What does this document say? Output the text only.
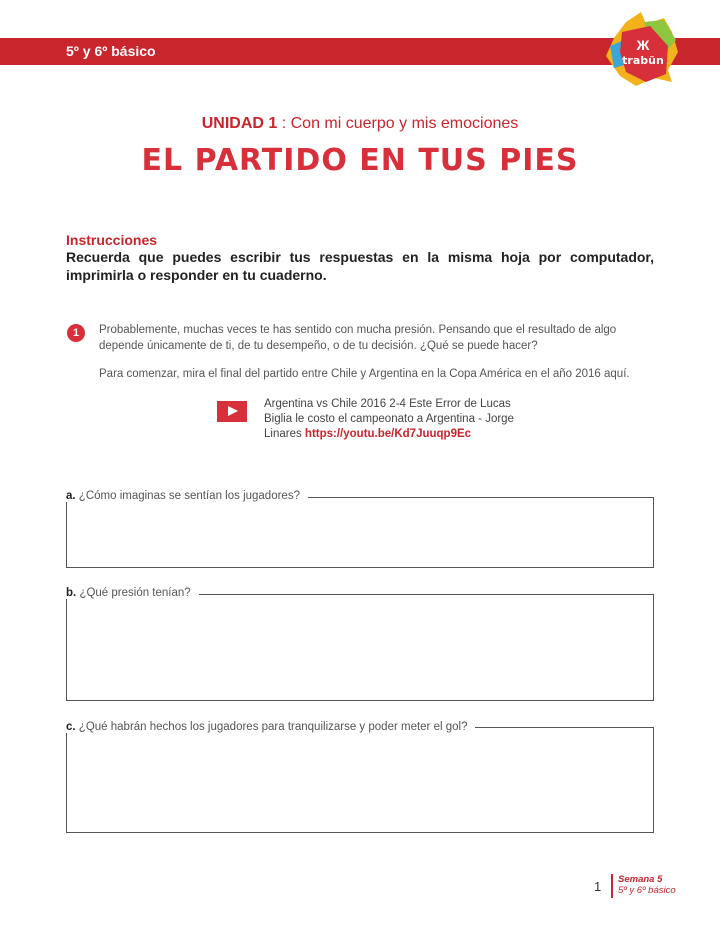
5º y 6º básico
trabün
Ж
UNIDAD 1 : Con mi cuerpo y mis emociones
EL PARTIDO EN TUS PIES
Instrucciones
Recuerda que puedes escribir tus respuestas en la misma hoja por computador, imprimirla o responder en tu cuaderno.
1	Probablemente, muchas veces te has sentido con mucha presión. Pensando que el resultado de algo depende únicamente de ti, de tu desempeño, o de tu decisión. ¿Qué se puede hacer?
Para comenzar, mira el final del partido entre Chile y Argentina en la Copa América en el año 2016 aquí.
Argentina vs Chile 2016 2-4 Este Error de Lucas Biglia le costo el campeonato a Argentina - Jorge Linares https://youtu.be/Kd7Juuqp9Ec
a. ¿Cómo imaginas se sentían los jugadores?
b. ¿Qué presión tenían?
c. ¿Qué habrán hechos los jugadores para tranquilizarse y poder meter el gol?
1 Semana 5
5º y 6º básico
